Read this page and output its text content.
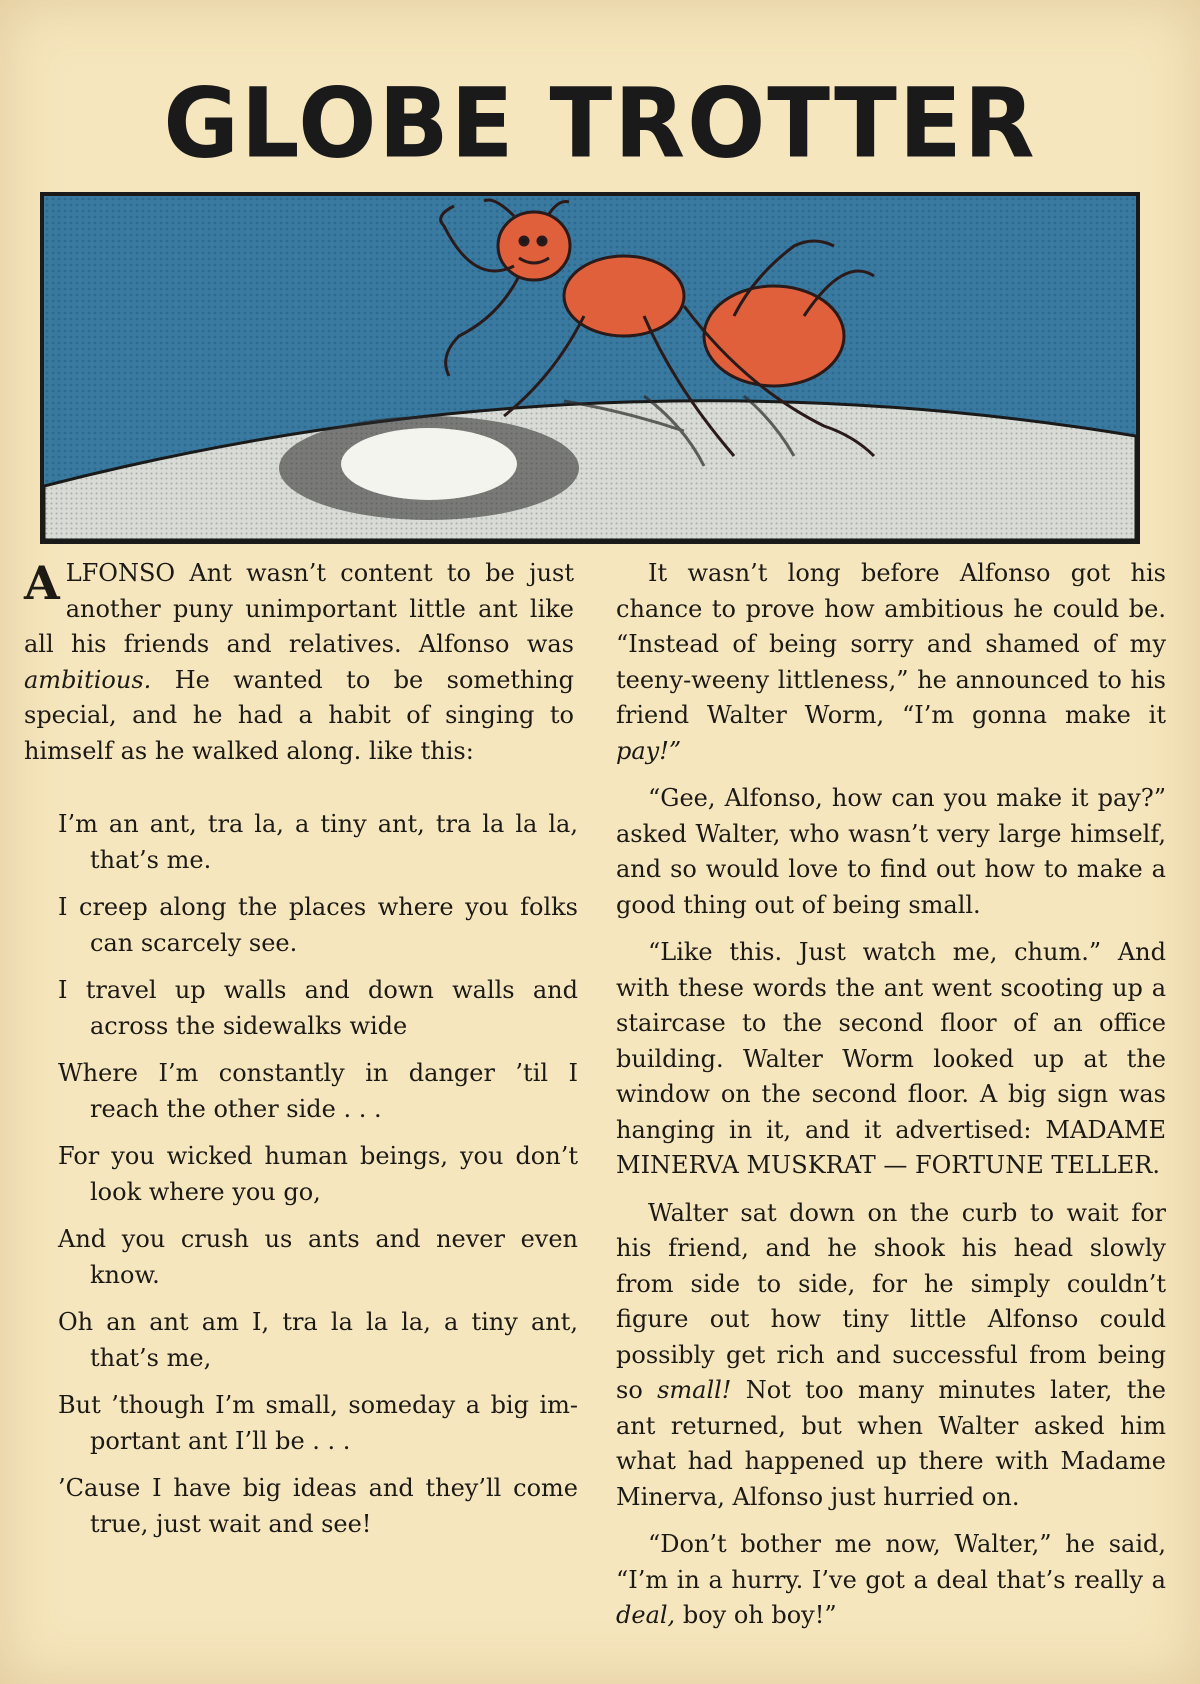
GLOBE TROTTER

ALFONSO Ant wasn’t content to be just another puny unimportant little ant like all his friends and relatives. Alfonso was ambitious. He wanted to be something special, and he had a habit of singing to himself as he walked along. like this:

I’m an ant, tra la, a tiny ant, tra la la la,
that’s me.
I creep along the places where you folks
can scarcely see.
I travel up walls and down walls and
across the sidewalks wide
Where I’m constantly in danger ’til I
reach the other side . . .
For you wicked human beings, you don’t
look where you go,
And you crush us ants and never even
know.
Oh an ant am I, tra la la la, a tiny ant,
that’s me,
But ’though I’m small, someday a big im-
portant ant I’ll be . . .
’Cause I have big ideas and they’ll come
true, just wait and see!

It wasn’t long before Alfonso got his chance to prove how ambitious he could be. “Instead of being sorry and shamed of my teeny-weeny littleness,” he announced to his friend Walter Worm, “I’m gonna make it pay!”

“Gee, Alfonso, how can you make it pay?” asked Walter, who wasn’t very large himself, and so would love to find out how to make a good thing out of being small.

“Like this. Just watch me, chum.” And with these words the ant went scooting up a staircase to the second floor of an office building. Walter Worm looked up at the window on the second floor. A big sign was hanging in it, and it advertised: MADAME MINERVA MUSKRAT — FORTUNE TELLER.

Walter sat down on the curb to wait for his friend, and he shook his head slowly from side to side, for he simply couldn’t figure out how tiny little Alfonso could possibly get rich and successful from being so small! Not too many minutes later, the ant returned, but when Walter asked him what had happened up there with Madame Minerva, Alfonso just hurried on.

“Don’t bother me now, Walter,” he said, “I’m in a hurry. I’ve got a deal that’s really a deal, boy oh boy!”
